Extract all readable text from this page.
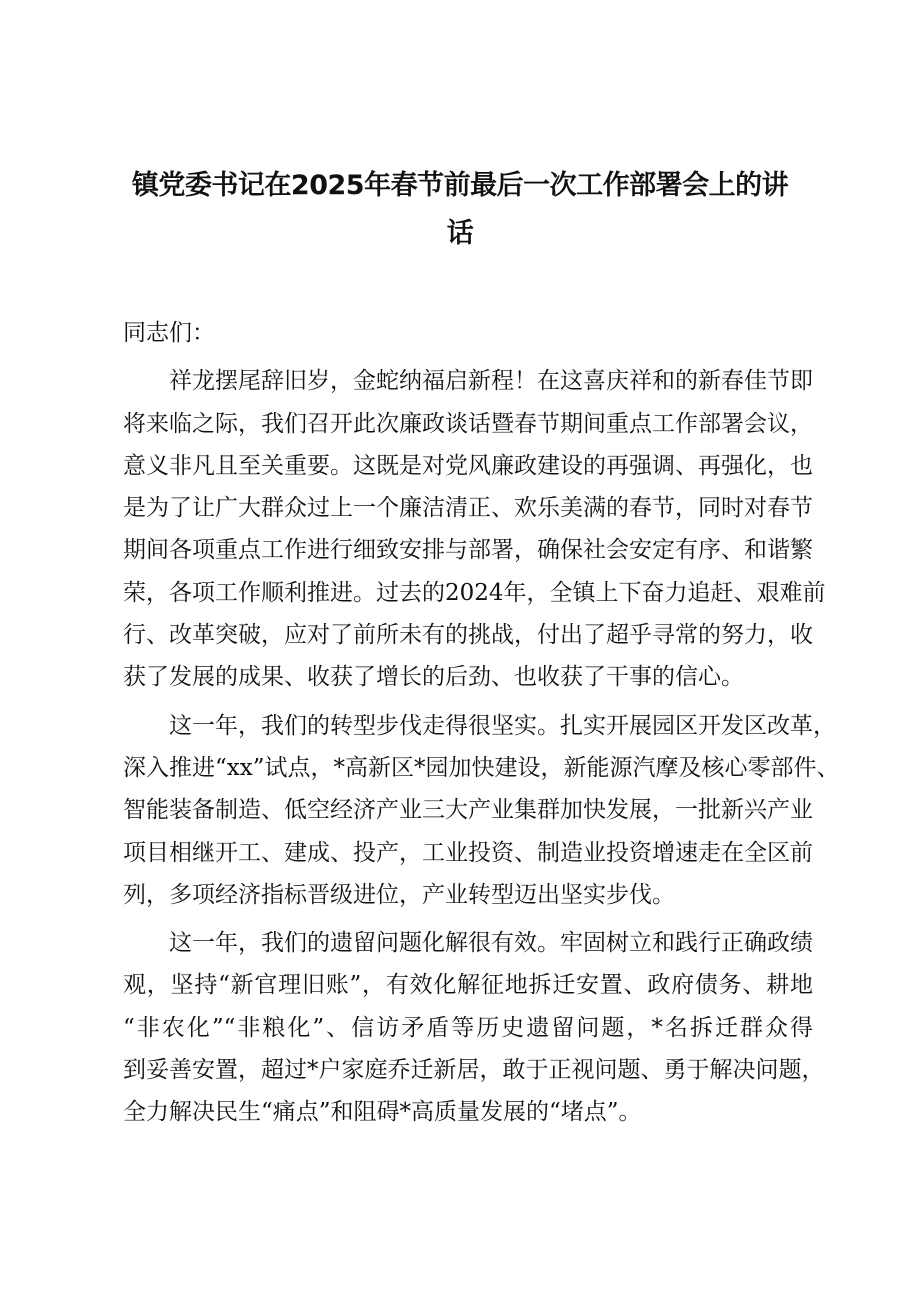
镇党委书记在2025年春节前最后一次工作部署会上的讲
话
同志们：
祥龙摆尾辞旧岁，金蛇纳福启新程！在这喜庆祥和的新春佳节即
将来临之际，我们召开此次廉政谈话暨春节期间重点工作部署会议，
意义非凡且至关重要。这既是对党风廉政建设的再强调、再强化，也
是为了让广大群众过上一个廉洁清正、欢乐美满的春节，同时对春节
期间各项重点工作进行细致安排与部署，确保社会安定有序、和谐繁
荣，各项工作顺利推进。过去的2024年，全镇上下奋力追赶、艰难前
行、改革突破，应对了前所未有的挑战，付出了超乎寻常的努力，收
获了发展的成果、收获了增长的后劲、也收获了干事的信心。
这一年，我们的转型步伐走得很坚实。扎实开展园区开发区改革，
深入推进“xx”试点，*高新区*园加快建设，新能源汽摩及核心零部件、
智能装备制造、低空经济产业三大产业集群加快发展，一批新兴产业
项目相继开工、建成、投产，工业投资、制造业投资增速走在全区前
列，多项经济指标晋级进位，产业转型迈出坚实步伐。
这一年，我们的遗留问题化解很有效。牢固树立和践行正确政绩
观，坚持“新官理旧账”，有效化解征地拆迁安置、政府债务、耕地
“非农化”“非粮化”、信访矛盾等历史遗留问题，*名拆迁群众得
到妥善安置，超过*户家庭乔迁新居，敢于正视问题、勇于解决问题，
全力解决民生“痛点”和阻碍*高质量发展的“堵点”。
